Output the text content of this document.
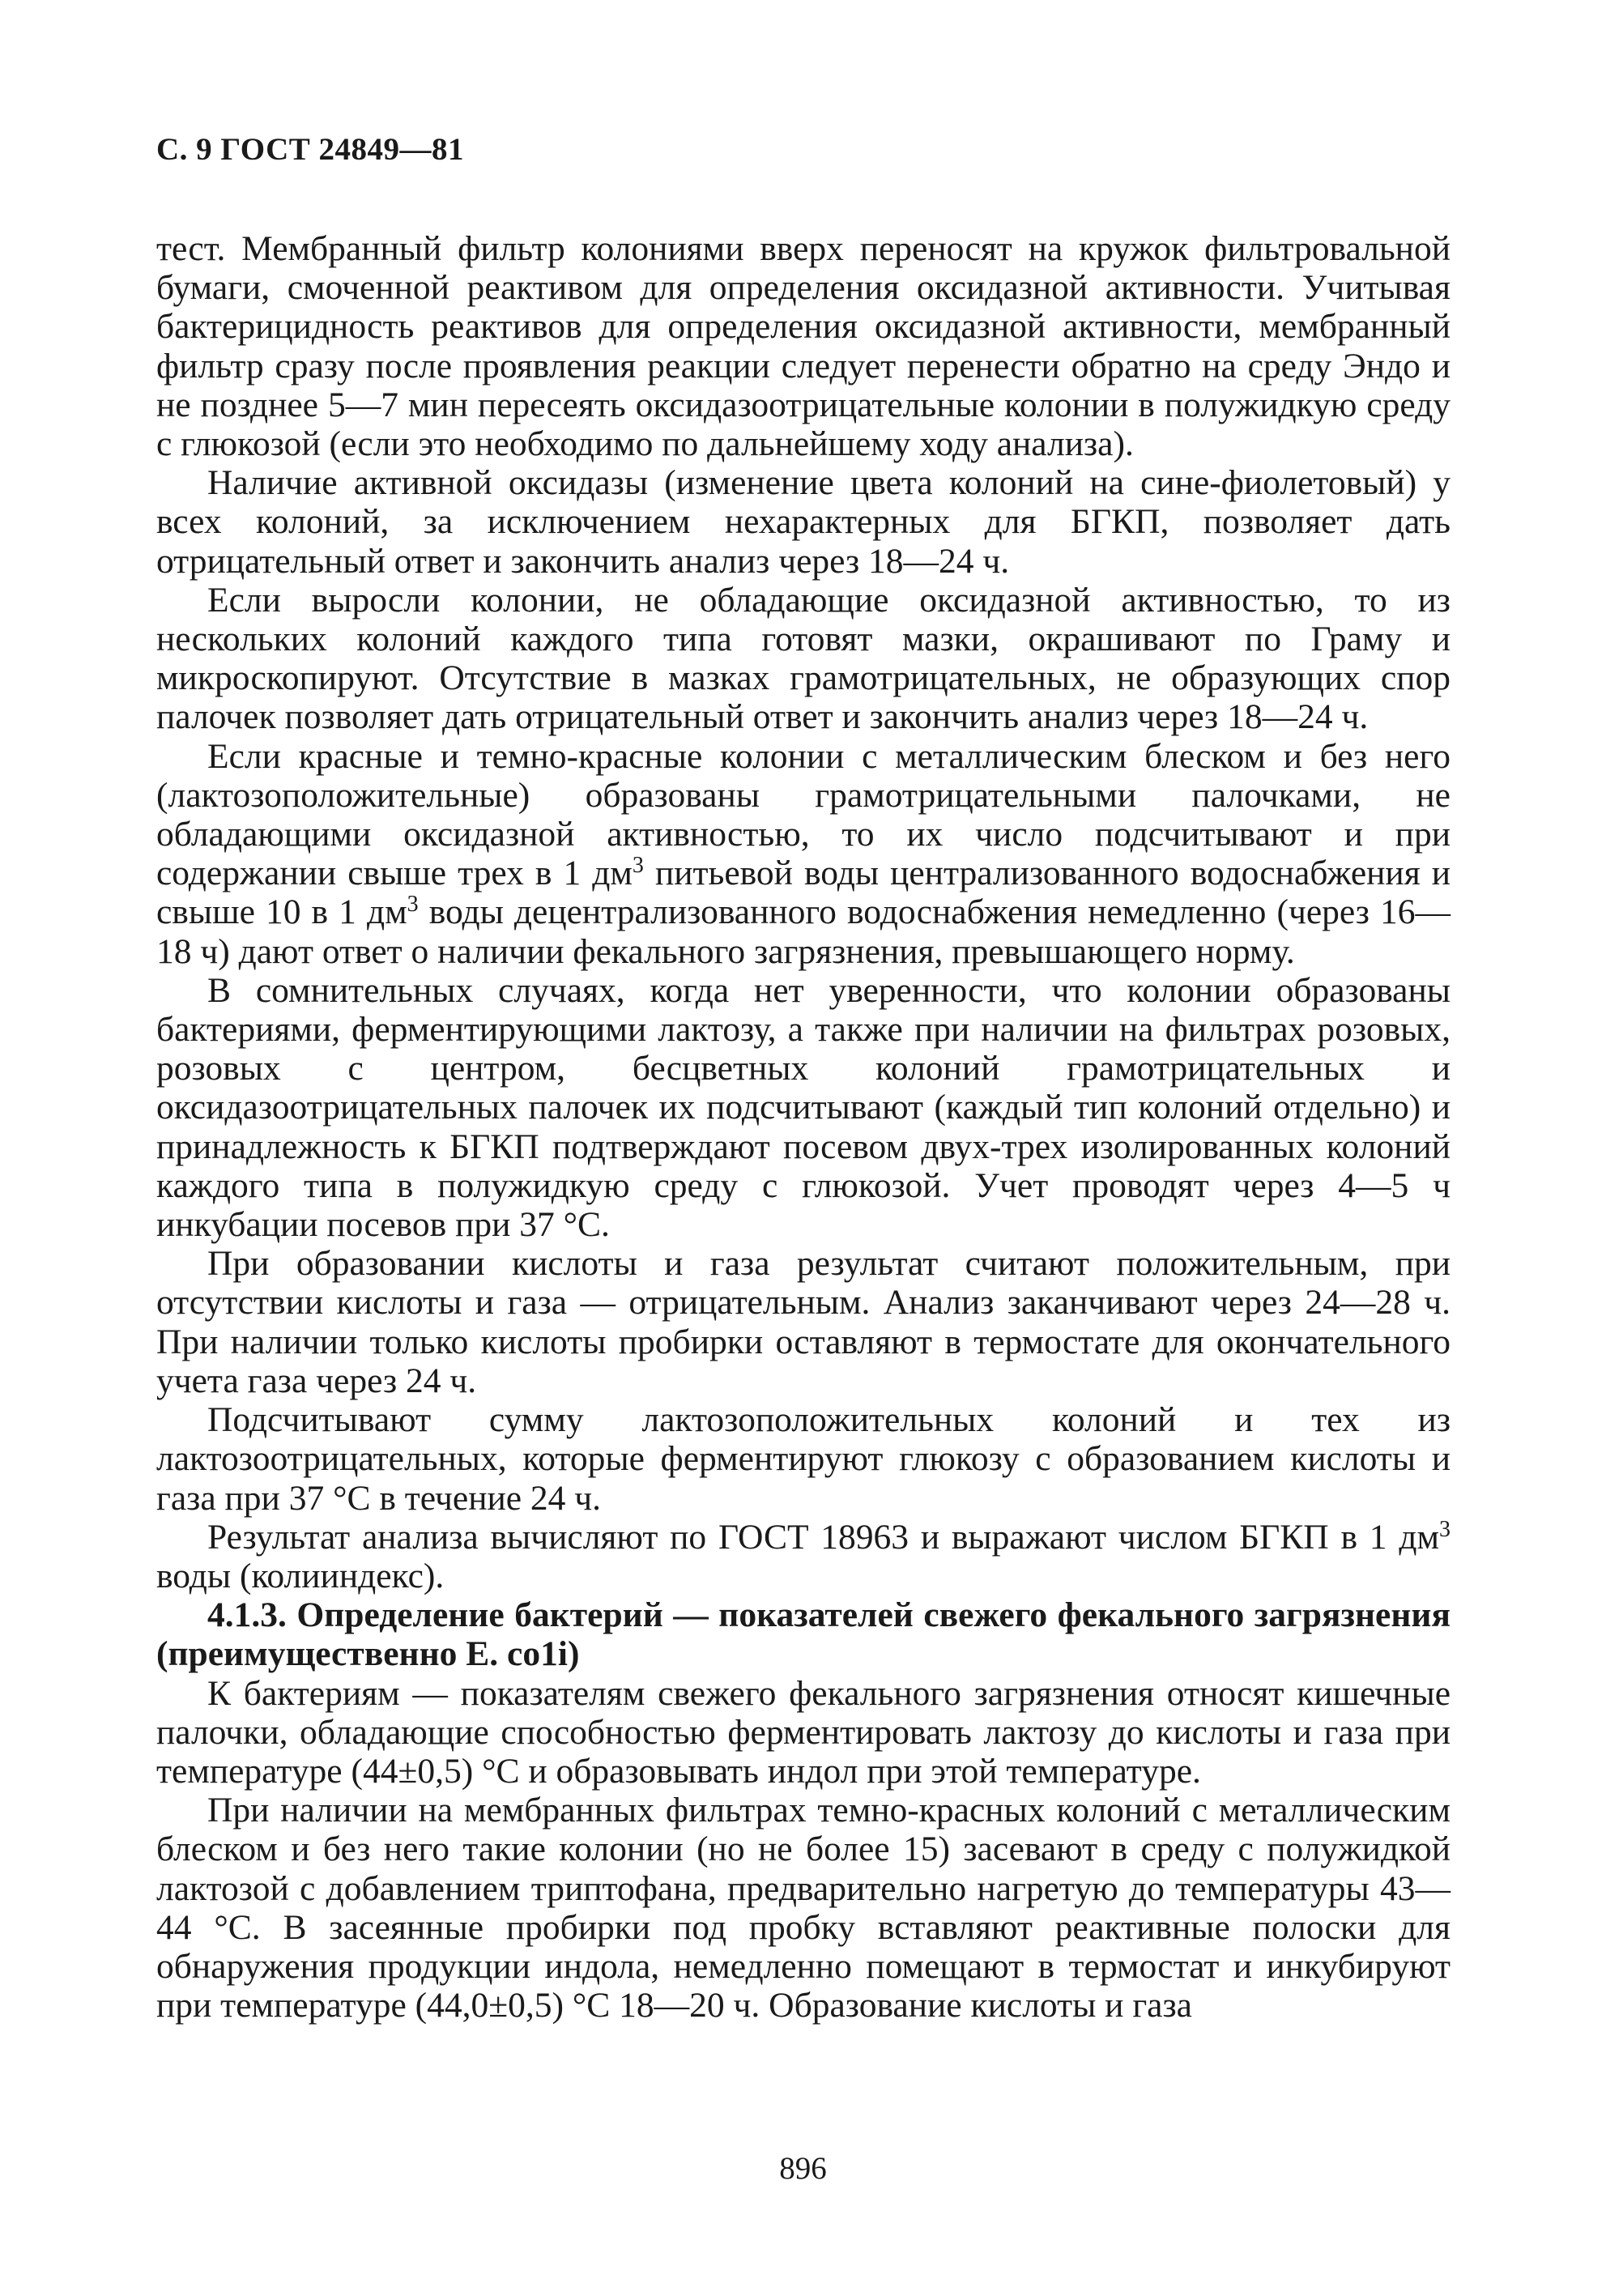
С. 9 ГОСТ 24849—81

тест. Мембранный фильтр колониями вверх переносят на кружок фильтровальной бумаги, смоченной реактивом для определения оксидазной активности. Учитывая бактерицидность реактивов для определения оксидазной активности, мембранный фильтр сразу после проявления реакции следует перенести обратно на среду Эндо и не позднее 5—7 мин пересеять оксидазоотрицательные колонии в полужидкую среду с глюкозой (если это необходимо по дальнейшему ходу анализа).

Наличие активной оксидазы (изменение цвета колоний на сине-фиолетовый) у всех колоний, за исключением нехарактерных для БГКП, позволяет дать отрицательный ответ и закончить анализ через 18—24 ч.

Если выросли колонии, не обладающие оксидазной активностью, то из нескольких колоний каждого типа готовят мазки, окрашивают по Граму и микроскопируют. Отсутствие в мазках грамотрицательных, не образующих спор палочек позволяет дать отрицательный ответ и закончить анализ через 18—24 ч.

Если красные и темно-красные колонии с металлическим блеском и без него (лактозоположительные) образованы грамотрицательными палочками, не обладающими оксидазной активностью, то их число подсчитывают и при содержании свыше трех в 1 $дм^3$ питьевой воды централизованного водоснабжения и свыше 10 в 1 $дм^3$ воды децентрализованного водоснабжения немедленно (через 16—18 ч) дают ответ о наличии фекального загрязнения, превышающего норму.

В сомнительных случаях, когда нет уверенности, что колонии образованы бактериями, ферментирующими лактозу, а также при наличии на фильтрах розовых, розовых с центром, бесцветных колоний грамотрицательных и оксидазоотрицательных палочек их подсчитывают (каждый тип колоний отдельно) и принадлежность к БГКП подтверждают посевом двух-трех изолированных колоний каждого типа в полужидкую среду с глюкозой. Учет проводят через 4—5 ч инкубации посевов при 37 °С.

При образовании кислоты и газа результат считают положительным, при отсутствии кислоты и газа — отрицательным. Анализ заканчивают через 24—28 ч. При наличии только кислоты пробирки оставляют в термостате для окончательного учета газа через 24 ч.

Подсчитывают сумму лактозоположительных колоний и тех из лактозоотрицательных, которые ферментируют глюкозу с образованием кислоты и газа при 37 °С в течение 24 ч.

Результат анализа вычисляют по ГОСТ 18963 и выражают числом БГКП в 1 $дм^3$ воды (колииндекс).

4.1.3. Определение бактерий — показателей свежего фекального загрязнения (преимущественно E. co1i)

К бактериям — показателям свежего фекального загрязнения относят кишечные палочки, обладающие способностью ферментировать лактозу до кислоты и газа при температуре (44±0,5) °С и образовывать индол при этой температуре.

При наличии на мембранных фильтрах темно-красных колоний с металлическим блеском и без него такие колонии (но не более 15) засевают в среду с полужидкой лактозой с добавлением триптофана, предварительно нагретую до температуры 43—44 °С. В засеянные пробирки под пробку вставляют реактивные полоски для обнаружения продукции индола, немедленно помещают в термостат и инкубируют при температуре (44,0±0,5) °С 18—20 ч. Образование кислоты и газа

896
